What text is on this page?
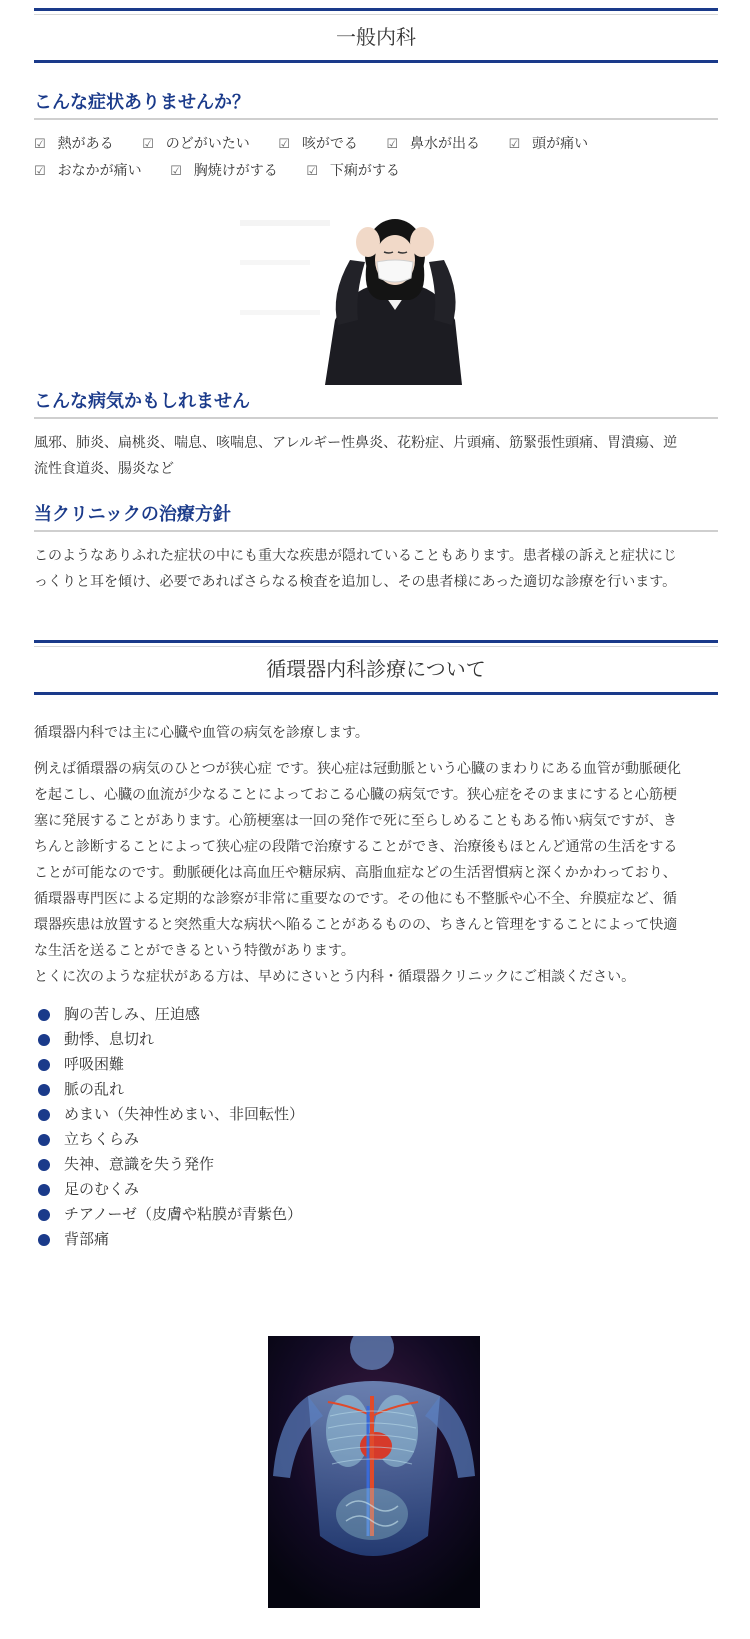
一般内科
こんな症状ありませんか？
☑ 熱がある ☑ のどがいたい ☑ 咳がでる ☑ 鼻水が出る ☑ 頭が痛い ☑ おなかが痛い ☑ 胸焼けがする ☑ 下痢がする
こんな病気かもしれません
風邪、肺炎、扁桃炎、喘息、咳喘息、アレルギー性鼻炎、花粉症、片頭痛、筋緊張性頭痛、胃潰瘍、逆
流性食道炎、腸炎など
当クリニックの治療方針
このようなありふれた症状の中にも重大な疾患が隠れていることもあります。患者様の訴えと症状にじ
っくりと耳を傾け、必要であればさらなる検査を追加し、その患者様にあった適切な診療を行います。
循環器内科診療について
循環器内科では主に心臓や血管の病気を診療します。
例えば循環器の病気のひとつが狭心症 です。狭心症は冠動脈という心臓のまわりにある血管が動脈硬化
を起こし、心臓の血流が少なることによっておこる心臓の病気です。狭心症をそのままにすると心筋梗
塞に発展することがあります。心筋梗塞は一回の発作で死に至らしめることもある怖い病気ですが、き
ちんと診断することによって狭心症の段階で治療することができ、治療後もほとんど通常の生活をする
ことが可能なのです。動脈硬化は高血圧や糖尿病、高脂血症などの生活習慣病と深くかかわっており、
循環器専門医による定期的な診察が非常に重要なのです。その他にも不整脈や心不全、弁膜症など、循
環器疾患は放置すると突然重大な病状へ陥ることがあるものの、ちきんと管理をすることによって快適
な生活を送ることができるという特徴があります。
とくに次のような症状がある方は、早めにさいとう内科・循環器クリニックにご相談ください。
胸の苦しみ、圧迫感
動悸、息切れ
呼吸困難
脈の乱れ
めまい（失神性めまい、非回転性）
立ちくらみ
失神、意識を失う発作
足のむくみ
チアノーゼ（皮膚や粘膜が青紫色）
背部痛
